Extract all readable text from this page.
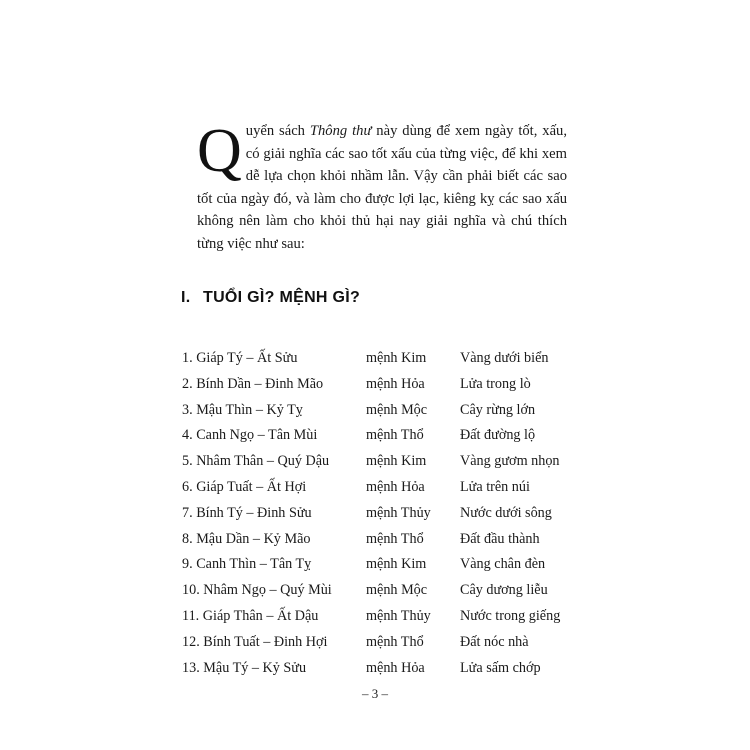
Quyển sách Thông thư này dùng để xem ngày tốt, xấu, có giải nghĩa các sao tốt xấu của từng việc, để khi xem dễ lựa chọn khỏi nhầm lẫn. Vậy cần phải biết các sao tốt của ngày đó, và làm cho được lợi lạc, kiêng kỵ các sao xấu không nên làm cho khỏi thủ hại nay giải nghĩa và chú thích từng việc như sau:
I. TUỔI GÌ? MỆNH GÌ?
1. Giáp Tý – Ất Sửu	mệnh Kim Vàng dưới biển
2. Bính Dần – Đinh Mão	mệnh Hỏa Lửa trong lò
3. Mậu Thìn – Kỷ Tỵ	mệnh Mộc Cây rừng lớn
4. Canh Ngọ – Tân Mùi	mệnh Thổ	Đất đường lộ
5. Nhâm Thân – Quý Dậu	mệnh Kim Vàng gươm nhọn
6. Giáp Tuất – Ất Hợi	mệnh Hỏa Lửa trên núi
7. Bính Tý – Đinh Sửu	mệnh Thủy Nước dưới sông
8. Mậu Dần – Kỷ Mão	mệnh Thổ	Đất đầu thành
9. Canh Thìn – Tân Tỵ	mệnh Kim Vàng chân đèn
10. Nhâm Ngọ – Quý Mùi mệnh Mộc Cây dương liễu
11. Giáp Thân – Ất Dậu	mệnh Thủy Nước trong giếng
12. Bính Tuất – Đinh Hợi	mệnh Thổ	Đất nóc nhà
13. Mậu Tý – Kỷ Sửu	mệnh Hỏa Lửa sấm chớp
– 3 –
